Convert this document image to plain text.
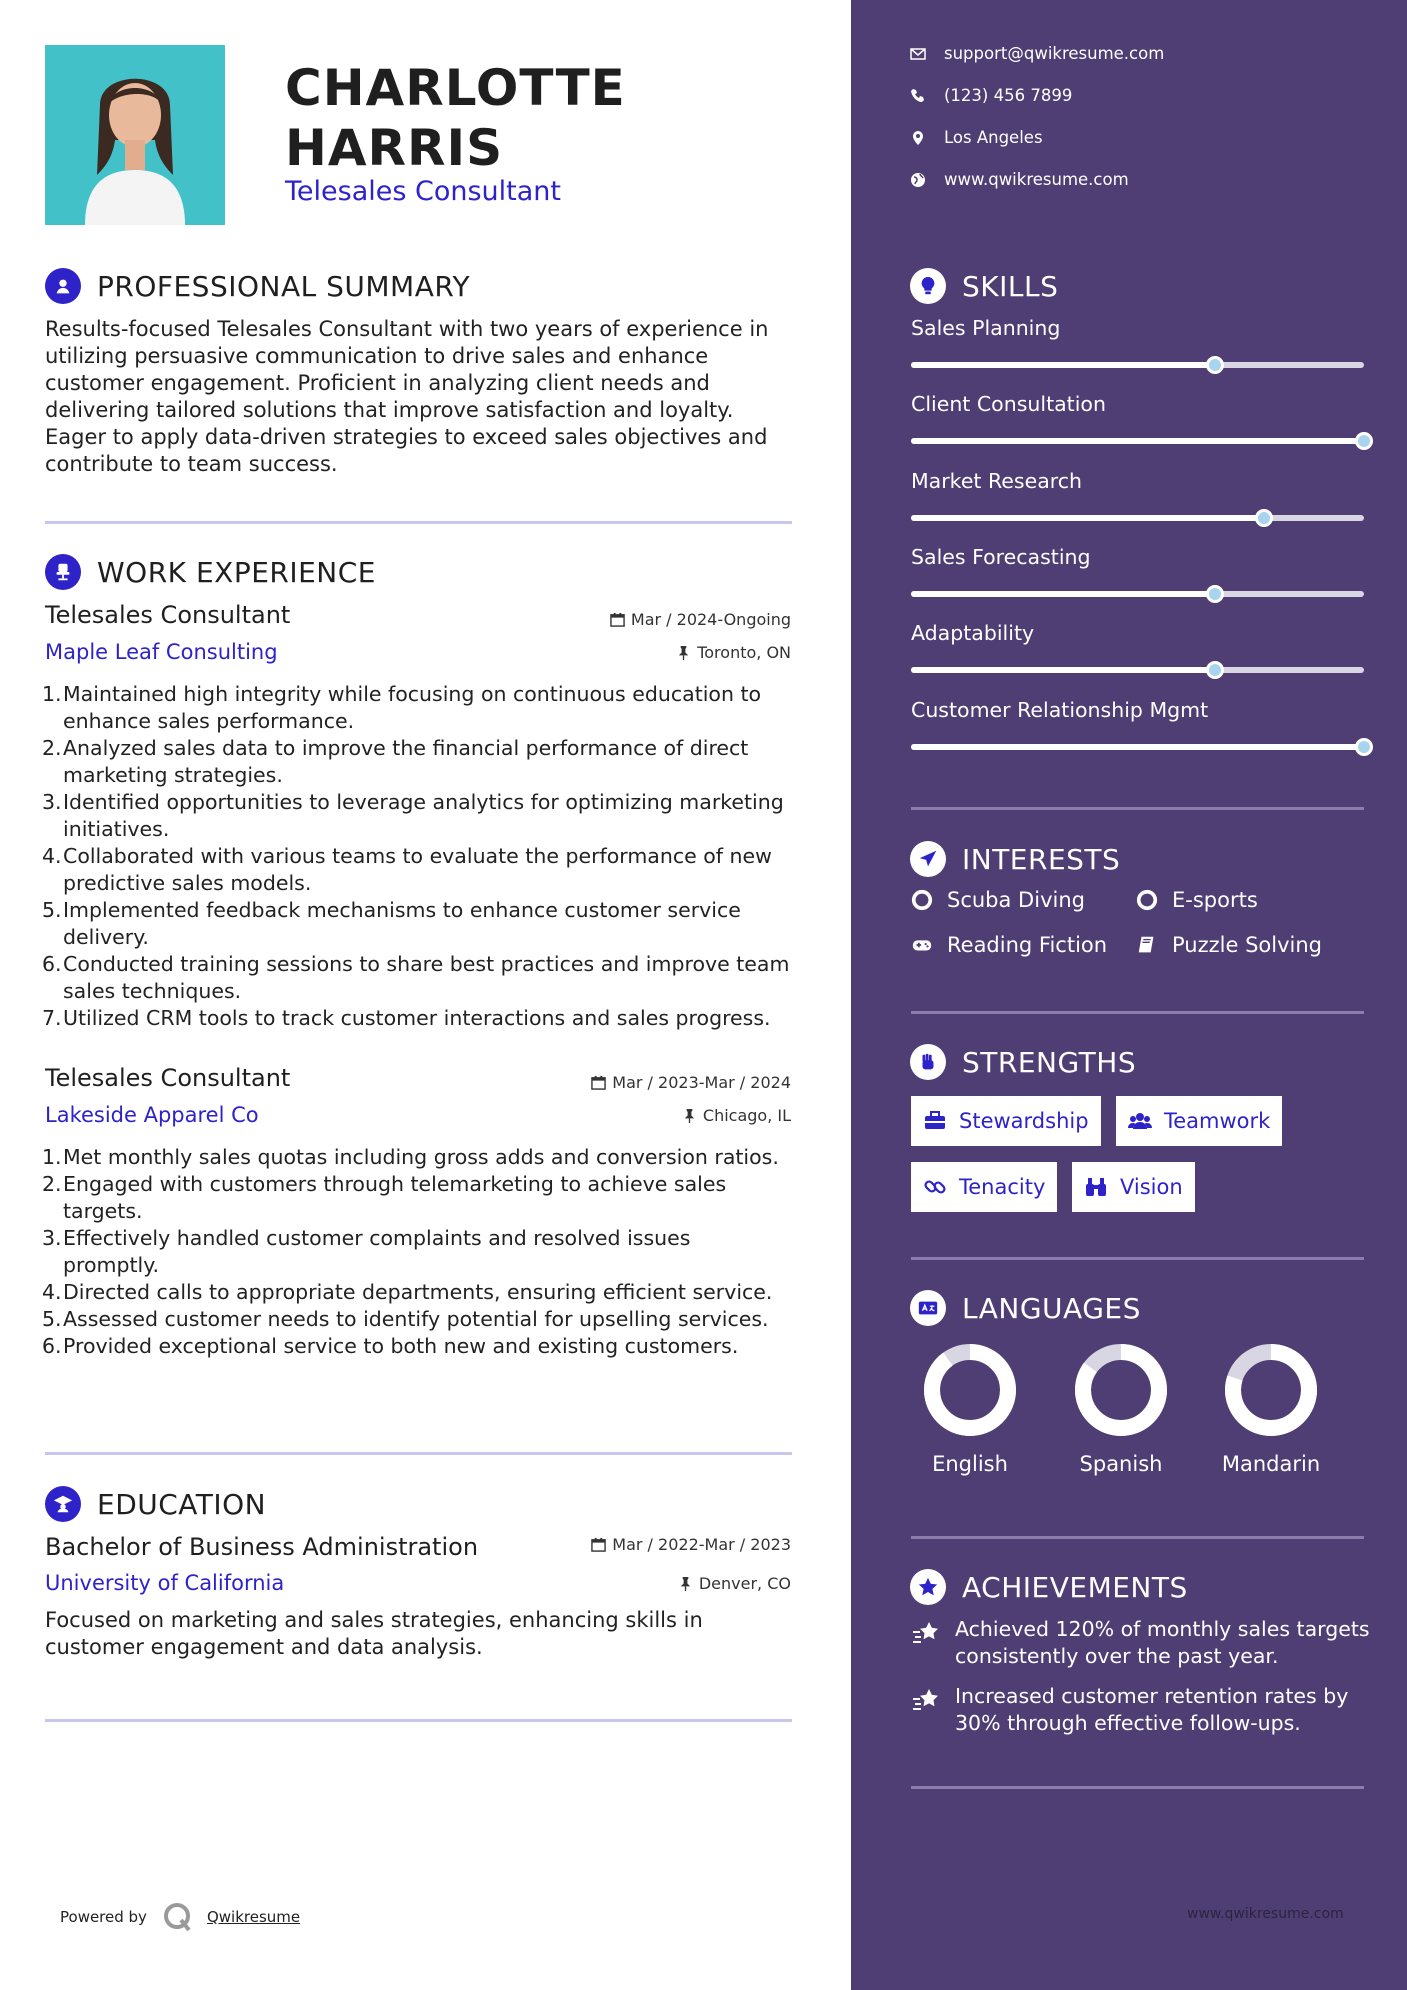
CHARLOTTE HARRIS
Telesales Consultant
PROFESSIONAL SUMMARY
Results-focused Telesales Consultant with two years of experience in utilizing persuasive communication to drive sales and enhance customer engagement. Proficient in analyzing client needs and delivering tailored solutions that improve satisfaction and loyalty. Eager to apply data-driven strategies to exceed sales objectives and contribute to team success.
WORK EXPERIENCE
Telesales Consultant	Mar / 2024-Ongoing
Maple Leaf Consulting	Toronto, ON
1. Maintained high integrity while focusing on continuous education to enhance sales performance.
2. Analyzed sales data to improve the financial performance of direct marketing strategies.
3. Identified opportunities to leverage analytics for optimizing marketing initiatives.
4. Collaborated with various teams to evaluate the performance of new predictive sales models.
5. Implemented feedback mechanisms to enhance customer service delivery.
6. Conducted training sessions to share best practices and improve team sales techniques.
7. Utilized CRM tools to track customer interactions and sales progress.
Telesales Consultant	Mar / 2023-Mar / 2024
Lakeside Apparel Co	Chicago, IL
1. Met monthly sales quotas including gross adds and conversion ratios.
2. Engaged with customers through telemarketing to achieve sales targets.
3. Effectively handled customer complaints and resolved issues promptly.
4. Directed calls to appropriate departments, ensuring efficient service.
5. Assessed customer needs to identify potential for upselling services.
6. Provided exceptional service to both new and existing customers.
EDUCATION
Bachelor of Business Administration	Mar / 2022-Mar / 2023
University of California	Denver, CO
Focused on marketing and sales strategies, enhancing skills in customer engagement and data analysis.
Powered by	Qwikresume
support@qwikresume.com
(123) 456 7899
Los Angeles
www.qwikresume.com
SKILLS
Sales Planning
Client Consultation
Market Research
Sales Forecasting
Adaptability
Customer Relationship Mgmt
INTERESTS
Scuba Diving	E-sports
Reading Fiction	Puzzle Solving
STRENGTHS
Stewardship	Teamwork
Tenacity	Vision
LANGUAGES
English	Spanish	Mandarin
ACHIEVEMENTS
Achieved 120% of monthly sales targets consistently over the past year.
Increased customer retention rates by 30% through effective follow-ups.
www.qwikresume.com
